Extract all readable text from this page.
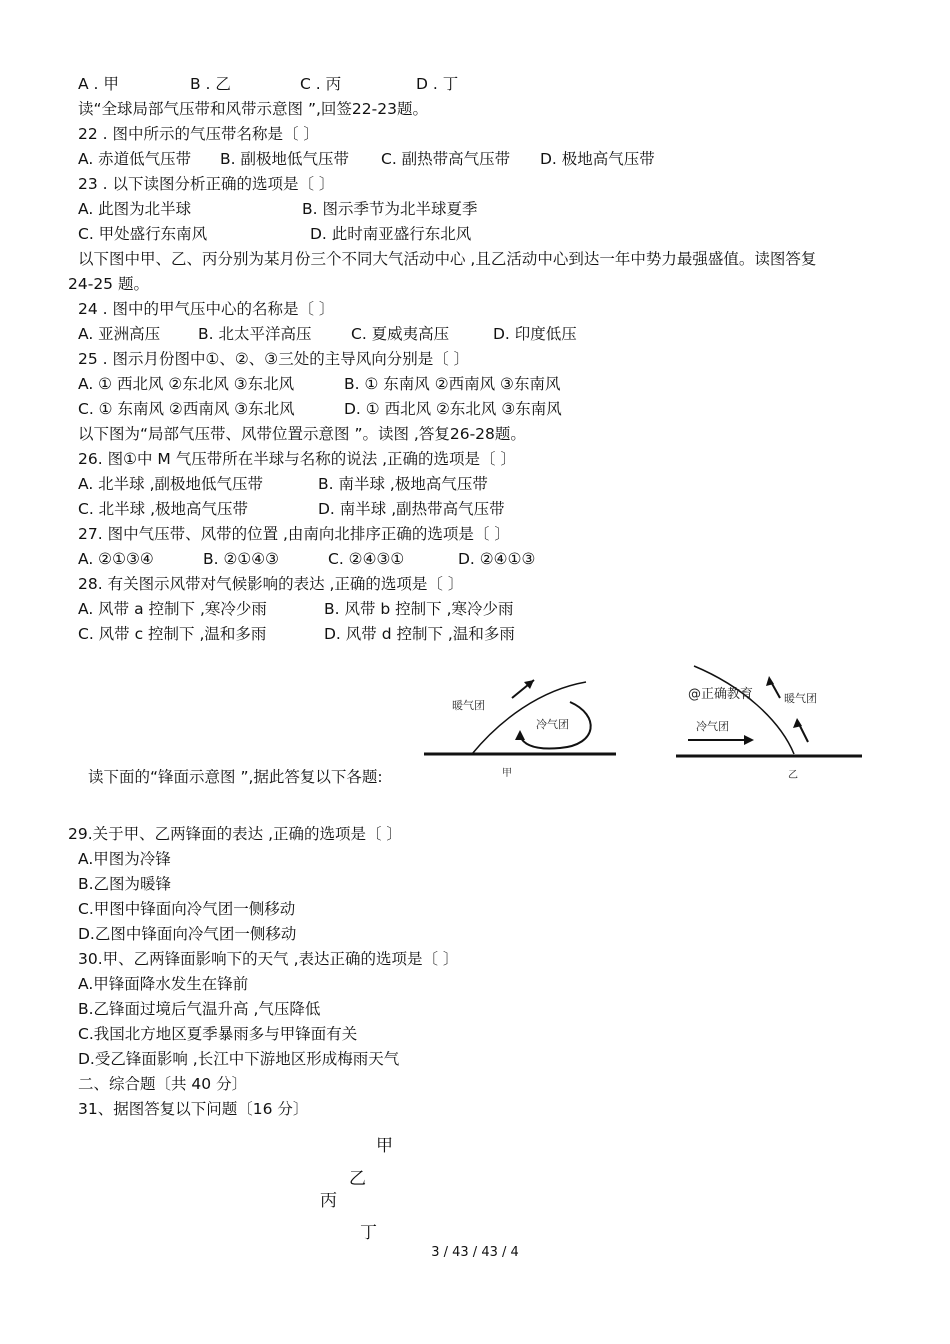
A . 甲	B . 乙	C . 丙	D . 丁
读“全球局部气压带和风带示意图 ”,回签22-23题。
22 . 图中所示的气压带名称是〔 〕
A. 赤道低气压带 B. 副极地低气压带 C. 副热带高气压带 D. 极地高气压带
23 . 以下读图分析正确的选项是〔 〕
A. 此图为北半球	B. 图示季节为北半球夏季
C. 甲处盛行东南风	D. 此时南亚盛行东北风
以下图中甲、乙、丙分别为某月份三个不同大气活动中心 ,且乙活动中心到达一年中势力最强盛值。读图答复
24-25 题。
24 . 图中的甲气压中心的名称是〔 〕
A. 亚洲高压 B. 北太平洋高压	C. 夏威夷高压	D. 印度低压
25 . 图示月份图中①、②、③三处的主导风向分别是〔 〕
A. ① 西北风 ②东北风 ③东北风	B. ① 东南风 ②西南风 ③东南风
C. ① 东南风 ②西南风 ③东北风	D. ① 西北风 ②东北风 ③东南风
以下图为“局部气压带、风带位置示意图 ”。读图 ,答复26-28题。
26. 图①中 M 气压带所在半球与名称的说法 ,正确的选项是〔 〕
A. 北半球 ,副极地低气压带	B. 南半球 ,极地高气压带
C. 北半球 ,极地高气压带	D. 南半球 ,副热带高气压带
27. 图中气压带、风带的位置 ,由南向北排序正确的选项是〔 〕
A. ②①③④	B. ②①④③	C. ②④③①	D. ②④①③
28. 有关图示风带对气候影响的表达 ,正确的选项是〔 〕
A. 风带 a 控制下 ,寒冷少雨	B. 风带 b 控制下 ,寒冷少雨
C. 风带 c 控制下 ,温和多雨	D. 风带 d 控制下 ,温和多雨
读下面的“锋面示意图 ”,据此答复以下各题:
暖气团
冷气团
甲
@正确教育	暖气团
冷气团
乙
29.关于甲、乙两锋面的表达 ,正确的选项是〔 〕
A.甲图为冷锋
B.乙图为暖锋
C.甲图中锋面向冷气团一侧移动
D.乙图中锋面向冷气团一侧移动
30.甲、乙两锋面影响下的天气 ,表达正确的选项是〔 〕
A.甲锋面降水发生在锋前
B.乙锋面过境后气温升高 ,气压降低
C.我国北方地区夏季暴雨多与甲锋面有关
D.受乙锋面影响 ,长江中下游地区形成梅雨天气
二、综合题〔共 40 分〕
31、据图答复以下问题〔16 分〕
甲
乙
丙
丁
3 / 43 / 43 / 4
